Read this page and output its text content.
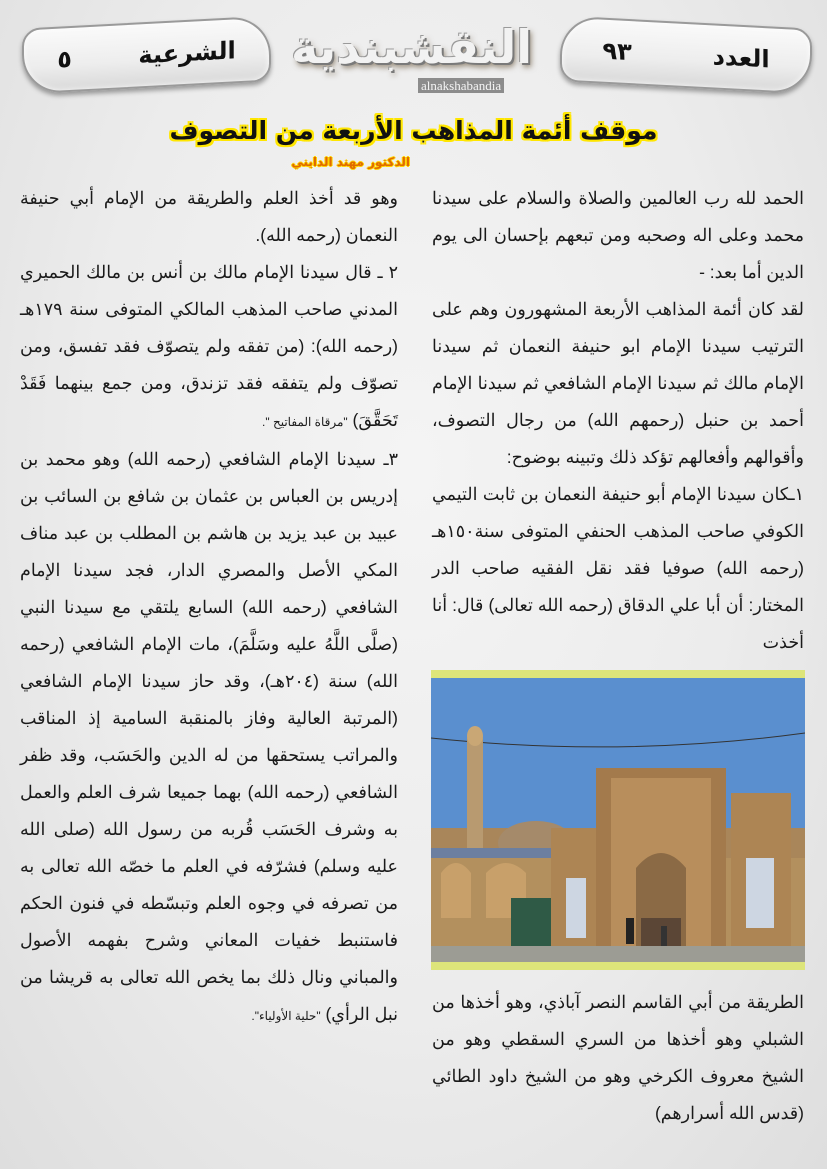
الشرعية
٥	النقشبندية
alnakshabandia
العدد
٩٣
موقف أئمة المذاهب الأربعة من التصوف
الدكتور مهند الدايني

الحمد لله رب العالمين والصلاة والسلام على سيدنا محمد وعلى اله وصحبه ومن تبعهم بإحسان الى يوم الدين أما بعد: -

لقد كان أئمة المذاهب الأربعة المشهورون وهم على الترتيب سيدنا الإمام ابو حنيفة النعمان ثم سيدنا الإمام مالك ثم سيدنا الإمام الشافعي ثم سيدنا الإمام أحمد بن حنبل (رحمهم الله) من رجال التصوف، وأقوالهم وأفعالهم تؤكد ذلك وتبينه بوضوح:

١ـكان سيدنا الإمام أبو حنيفة النعمان بن ثابت التيمي الكوفي صاحب المذهب الحنفي المتوفى سنة١٥٠هـ (رحمه الله) صوفيا فقد نقل الفقيه صاحب الدر المختار: أن أبا علي الدقاق (رحمه الله تعالى) قال: أنا أخذت

الطريقة من أبي القاسم النصر آباذي، وهو أخذها من الشبلي وهو أخذها من السري السقطي وهو من الشيخ معروف الكرخي وهو من الشيخ داود الطائي (قدس الله أسرارهم)

وهو قد أخذ العلم والطريقة من الإمام أبي حنيفة النعمان (رحمه الله).

٢ ـ قال سيدنا الإمام مالك بن أنس بن مالك الحميري المدني صاحب المذهب المالكي المتوفى سنة ١٧٩هـ (رحمه الله): (من تفقه ولم يتصوّف فقد تفسق، ومن تصوّف ولم يتفقه فقد تزندق، ومن جمع بينهما فَقَدْ تَحَقَّقَ) "مرقاة المفاتيح ".

٣ـ سيدنا الإمام الشافعي (رحمه الله) وهو محمد بن إدريس بن العباس بن عثمان بن شافع بن السائب بن عبيد بن عبد يزيد بن هاشم بن المطلب بن عبد مناف المكي الأصل والمصري الدار، فجد سيدنا الإمام الشافعي (رحمه الله) السابع يلتقي مع سيدنا النبي (صلَّى اللَّهُ عليه وسَلَّمَ)، مات الإمام الشافعي (رحمه الله) سنة (٢٠٤هـ)، وقد حاز سيدنا الإمام الشافعي (المرتبة العالية وفاز بالمنقبة السامية إذ المناقب والمراتب يستحقها من له الدين والحَسَب، وقد ظفر الشافعي (رحمه الله) بهما جميعا شرف العلم والعمل به وشرف الحَسَب قُربه من رسول الله (صلى الله عليه وسلم) فشرّفه في العلم ما خصّه الله تعالى به من تصرفه في وجوه العلم وتبسّطه في فنون الحكم فاستنبط خفيات المعاني وشرح بفهمه الأصول والمباني ونال ذلك بما يخص الله تعالى به قريشا من نبل الرأي) "حلية الأولياء".
